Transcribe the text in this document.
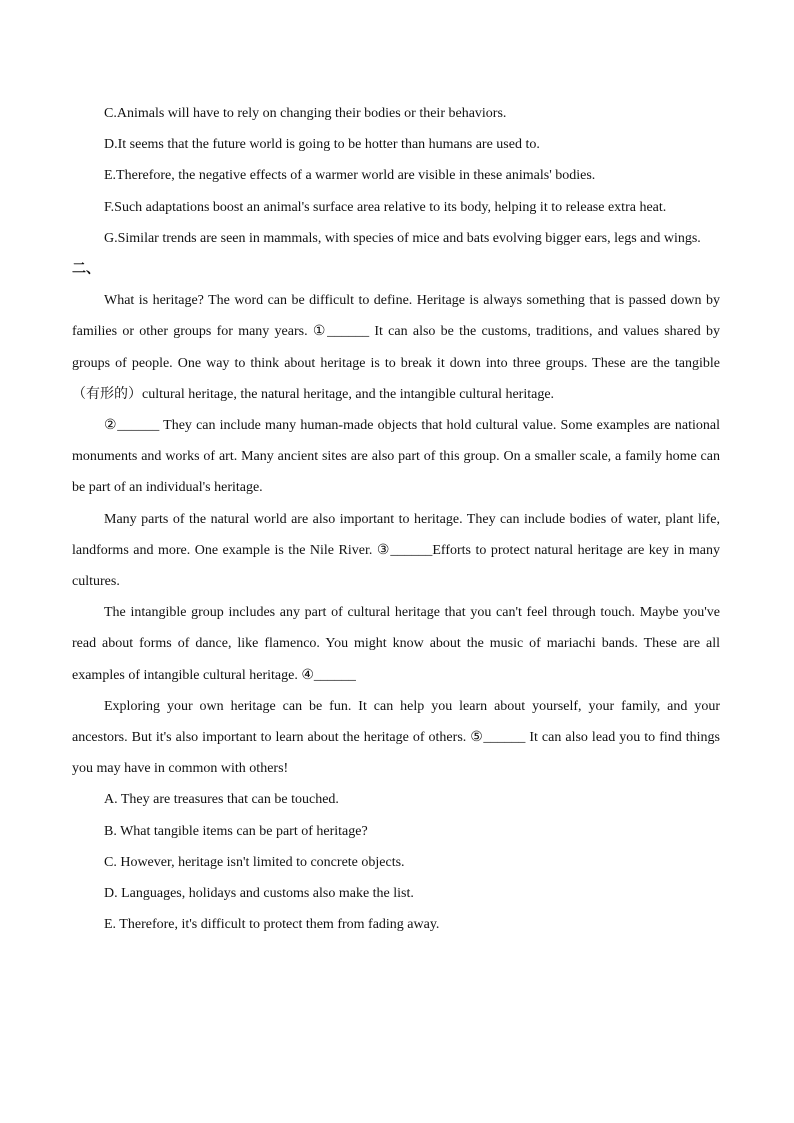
C.Animals will have to rely on changing their bodies or their behaviors.

D.It seems that the future world is going to be hotter than humans are used to.

E.Therefore, the negative effects of a warmer world are visible in these animals' bodies.

F.Such adaptations boost an animal's surface area relative to its body, helping it to release extra heat.

G.Similar trends are seen in mammals, with species of mice and bats evolving bigger ears, legs and wings.

二、

What is heritage? The word can be difficult to define. Heritage is always something that is passed down by families or other groups for many years. ①______ It can also be the customs, traditions, and values shared by groups of people. One way to think about heritage is to break it down into three groups. These are the tangible （有形的）cultural heritage, the natural heritage, and the intangible cultural heritage.

②______ They can include many human-made objects that hold cultural value. Some examples are national monuments and works of art. Many ancient sites are also part of this group. On a smaller scale, a family home can be part of an individual's heritage.

Many parts of the natural world are also important to heritage. They can include bodies of water, plant life, landforms and more. One example is the Nile River. ③______Efforts to protect natural heritage are key in many cultures.

The intangible group includes any part of cultural heritage that you can't feel through touch. Maybe you've read about forms of dance, like flamenco. You might know about the music of mariachi bands. These are all examples of intangible cultural heritage. ④______

Exploring your own heritage can be fun. It can help you learn about yourself, your family, and your ancestors. But it's also important to learn about the heritage of others. ⑤______ It can also lead you to find things you may have in common with others!

A. They are treasures that can be touched.

B. What tangible items can be part of heritage?

C. However, heritage isn't limited to concrete objects.

D. Languages, holidays and customs also make the list.

E. Therefore, it's difficult to protect them from fading away.
